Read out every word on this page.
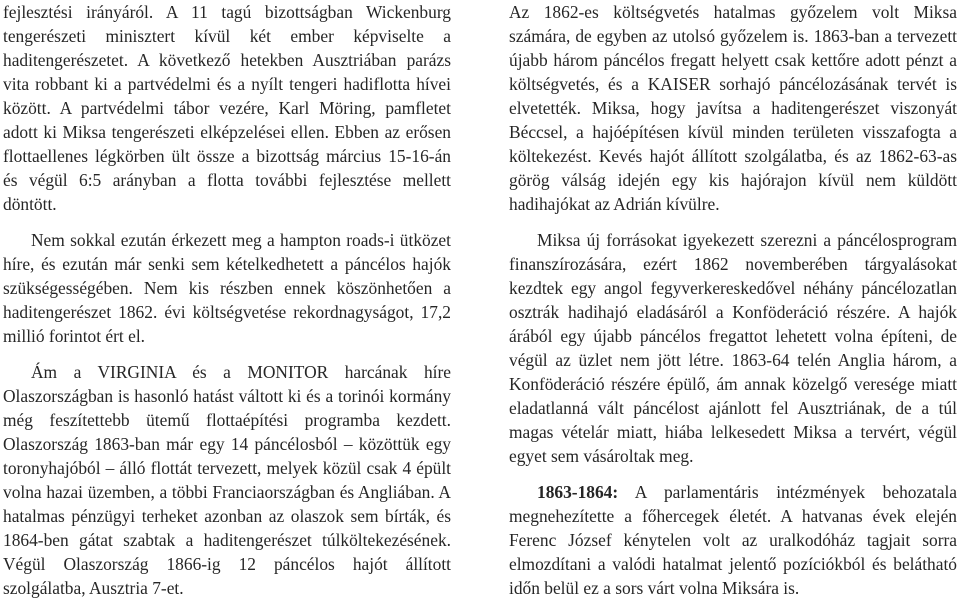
fejlesztési irányáról. A 11 tagú bizottságban Wickenburg tengerészeti minisztert kívül két ember képviselte a haditengerészetet. A következő hetekben Ausztriában parázs vita robbant ki a partvédelmi és a nyílt tengeri hadiflotta hívei között. A partvédelmi tábor vezére, Karl Möring, pamfletet adott ki Miksa tengerészeti elképzelései ellen. Ebben az erősen flottaellenes légkörben ült össze a bizottság március 15-16-án és végül 6:5 arányban a flotta további fejlesztése mellett döntött.

Nem sokkal ezután érkezett meg a hampton roads-i ütközet híre, és ezután már senki sem kételkedhetett a páncélos hajók szükségességében. Nem kis részben ennek köszönhetően a haditengerészet 1862. évi költségvetése rekordnagyságot, 17,2 millió forintot ért el.

Ám a VIRGINIA és a MONITOR harcának híre Olaszországban is hasonló hatást váltott ki és a torinói kormány még feszítettebb ütemű flottaépítési programba kezdett. Olaszország 1863-ban már egy 14 páncélosból – közöttük egy toronyhajóból – álló flottát tervezett, melyek közül csak 4 épült volna hazai üzemben, a többi Franciaországban és Angliában. A hatalmas pénzügyi terheket azonban az olaszok sem bírták, és 1864-ben gátat szabtak a haditengerészet túlköltekezésének. Végül Olaszország 1866-ig 12 páncélos hajót állított szolgálatba, Ausztria 7-et.

Az 1862-es költségvetés hatalmas győzelem volt Miksa számára, de egyben az utolsó győzelem is. 1863-ban a tervezett újabb három páncélos fregatt helyett csak kettőre adott pénzt a költségvetés, és a KAISER sorhajó páncélozásának tervét is elvetették. Miksa, hogy javítsa a haditengerészet viszonyát Béccsel, a hajóépítésen kívül minden területen visszafogta a költekezést. Kevés hajót állított szolgálatba, és az 1862-63-as görög válság idején egy kis hajórajon kívül nem küldött hadihajókat az Adrián kívülre.

Miksa új forrásokat igyekezett szerezni a páncélosprogram finanszírozására, ezért 1862 novemberében tárgyalásokat kezdtek egy angol fegyverkereskedővel néhány páncélozatlan osztrák hadihajó eladásáról a Konföderáció részére. A hajók árából egy újabb páncélos fregattot lehetett volna építeni, de végül az üzlet nem jött létre. 1863-64 telén Anglia három, a Konföderáció részére épülő, ám annak közelgő veresége miatt eladatlanná vált páncélost ajánlott fel Ausztriának, de a túl magas vételár miatt, hiába lelkesedett Miksa a tervért, végül egyet sem vásároltak meg.

1863-1864: A parlamentáris intézmények behozatala megnehezítette a főhercegek életét. A hatvanas évek elején Ferenc József kénytelen volt az uralkodóház tagjait sorra elmozdítani a valódi hatalmat jelentő pozíciókból és belátható időn belül ez a sors várt volna Miksára is.
